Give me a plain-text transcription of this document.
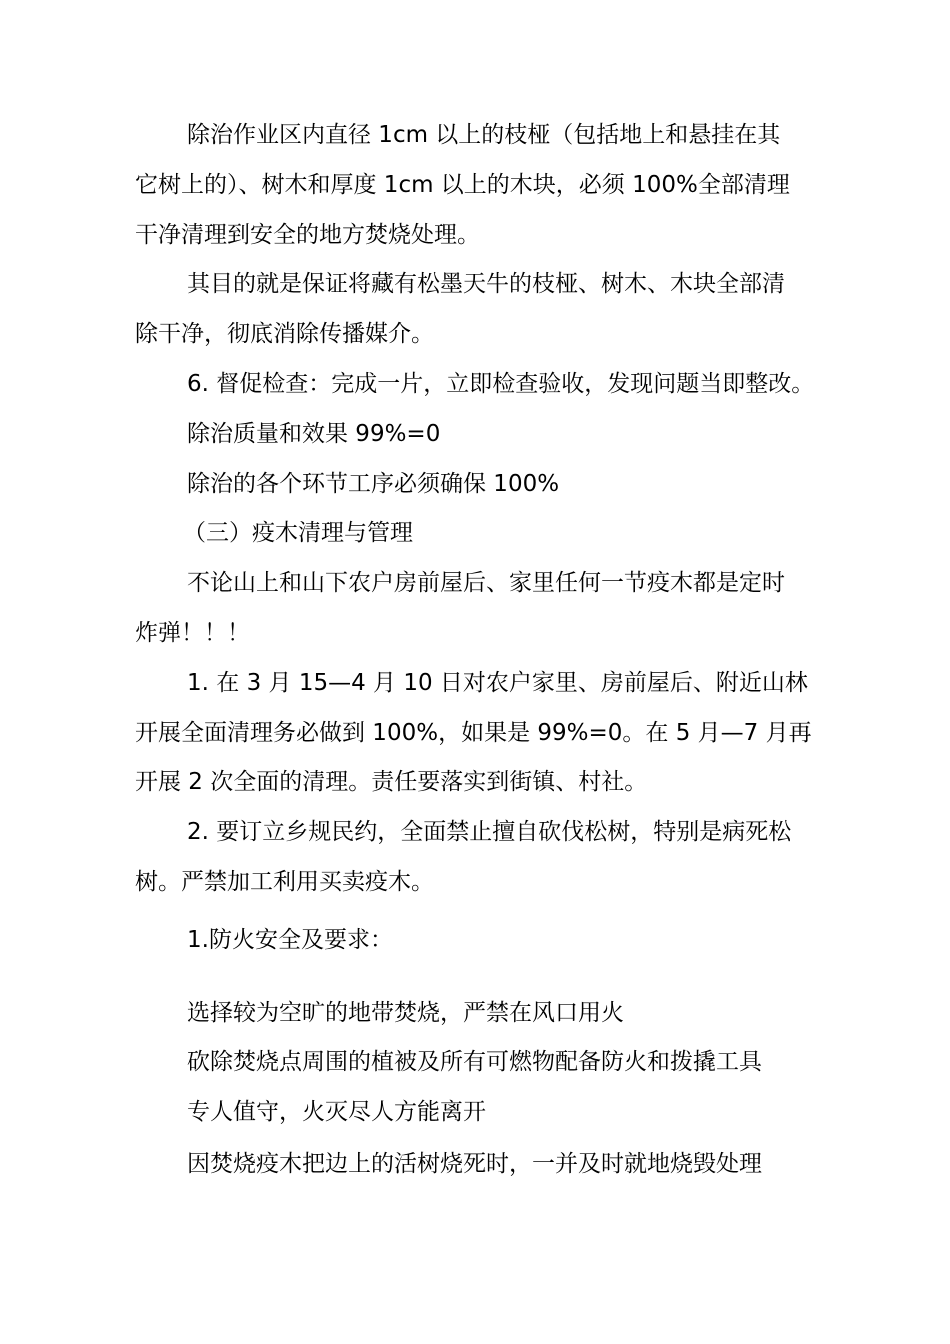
除治作业区内直径 1cm 以上的枝桠（包括地上和悬挂在其
它树上的）、树木和厚度 1cm 以上的木块，必须 100%全部清理
干净清理到安全的地方焚烧处理。
其目的就是保证将藏有松墨天牛的枝桠、树木、木块全部清
除干净，彻底消除传播媒介。
6. 督促检查：完成一片，立即检查验收，发现问题当即整改。
除治质量和效果 99%=0
除治的各个环节工序必须确保 100%
（三）疫木清理与管理
不论山上和山下农户房前屋后、家里任何一节疫木都是定时
炸弹！！！
1. 在 3 月 15—4 月 10 日对农户家里、房前屋后、附近山林
开展全面清理务必做到 100%，如果是 99%=0。在 5 月—7 月再
开展 2 次全面的清理。责任要落实到街镇、村社。
2. 要订立乡规民约，全面禁止擅自砍伐松树，特别是病死松
树。严禁加工利用买卖疫木。
1.防火安全及要求：
选择较为空旷的地带焚烧，严禁在风口用火
砍除焚烧点周围的植被及所有可燃物配备防火和拨撬工具
专人值守，火灭尽人方能离开
因焚烧疫木把边上的活树烧死时，一并及时就地烧毁处理
